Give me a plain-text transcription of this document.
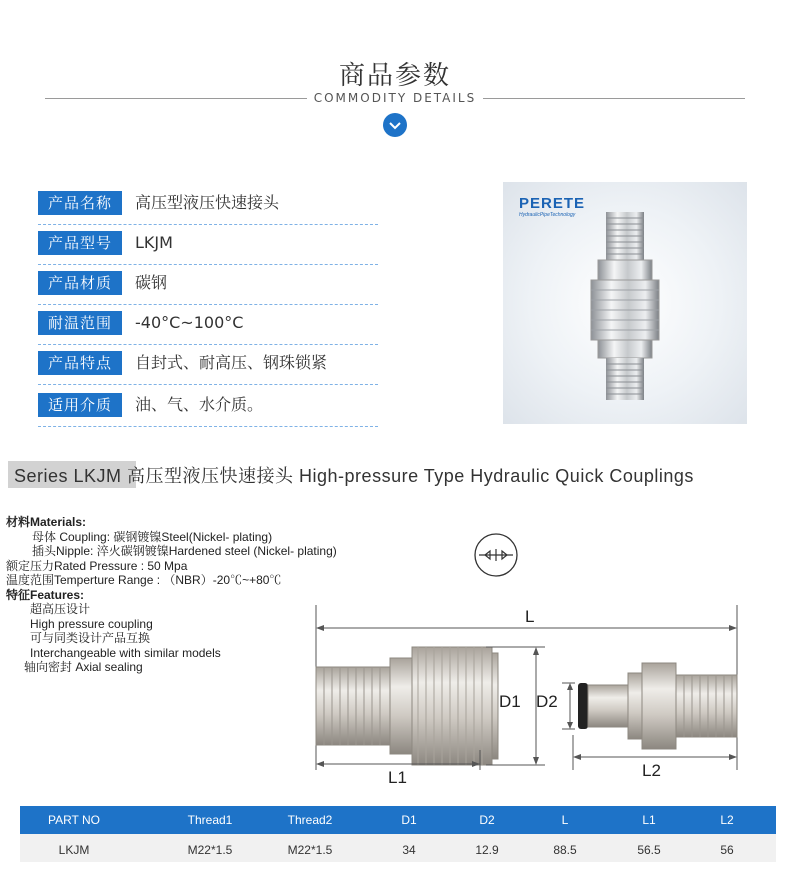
商品参数
COMMODITY DETAILS
产品名称	高压型液压快速接头
产品型号	LKJM
产品材质	碳钢
耐温范围	-40°C~100°C
产品特点	自封式、耐高压、钢珠锁紧
适用介质	油、气、水介质。
PERETE
HydraulicPipeTechnology
Series LKJM 高压型液压快速接头 High-pressure Type Hydraulic Quick Couplings
材料Materials:
母体 Coupling: 碳钢镀镍Steel(Nickel- plating)
插头Nipple: 淬火碳钢镀镍Hardened steel (Nickel- plating)
额定压力Rated Pressure : 50 Mpa
温度范围Temperture Range : （NBR）-20℃~+80℃
特征Features:
超高压设计
High pressure coupling
可与同类设计产品互换
Interchangeable with similar models
轴向密封 Axial sealing
L
D1 D2
L1	L2
PART NO	Thread1	Thread2	D1	D2	L	L1	L2
LKJM	M22*1.5	M22*1.5	34	12.9	88.5	56.5	56
